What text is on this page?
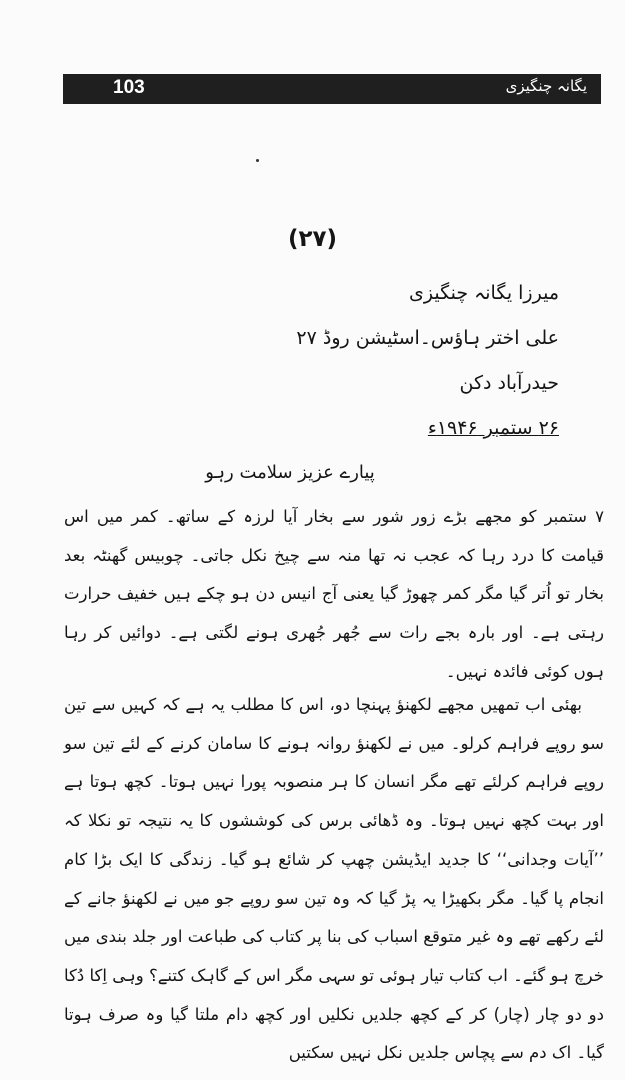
103	یگانہ چنگیزی
(۲۷)
میرزا یگانہ چنگیزی
علی اختر ہاؤس۔اسٹیشن روڈ ۲۷
حیدرآباد دکن
۲۶ ستمبر ۱۹۴۶ء
پیارے عزیز سلامت رہو

۷ ستمبر کو مجھے بڑے زور شور سے بخار آیا لرزہ کے ساتھ۔ کمر میں اس قیامت کا درد رہا کہ عجب نہ تھا منہ سے چیخ نکل جاتی۔ چوبیس گھنٹہ بعد بخار تو اُتر گیا مگر کمر چھوڑ گیا یعنی آج انیس دن ہو چکے ہیں خفیف حرارت رہتی ہے۔ اور بارہ بجے رات سے جُھر جُھری ہونے لگتی ہے۔ دوائیں کر رہا ہوں کوئی فائدہ نہیں۔

بھئی اب تمھیں مجھے لکھنؤ پہنچا دو، اس کا مطلب یہ ہے کہ کہیں سے تین سو روپے فراہم کرلو۔ میں نے لکھنؤ روانہ ہونے کا سامان کرنے کے لئے تین سو روپے فراہم کرلئے تھے مگر انسان کا ہر منصوبہ پورا نہیں ہوتا۔ کچھ ہوتا ہے اور بہت کچھ نہیں ہوتا۔ وہ ڈھائی برس کی کوششوں کا یہ نتیجہ تو نکلا کہ ’’آیات وجدانی‘‘ کا جدید ایڈیشن چھپ کر شائع ہو گیا۔ زندگی کا ایک بڑا کام انجام پا گیا۔ مگر بکھیڑا یہ پڑ گیا کہ وہ تین سو روپے جو میں نے لکھنؤ جانے کے لئے رکھے تھے وہ غیر متوقع اسباب کی بنا پر کتاب کی طباعت اور جلد بندی میں خرچ ہو گئے۔ اب کتاب تیار ہوئی تو سہی مگر اس کے گاہک کتنے؟ وہی اِکا دُکا دو دو چار (چار) کر کے کچھ جلدیں نکلیں اور کچھ دام ملتا گیا وہ صرف ہوتا گیا۔ اک دم سے پچاس جلدیں نکل نہیں سکتیں
